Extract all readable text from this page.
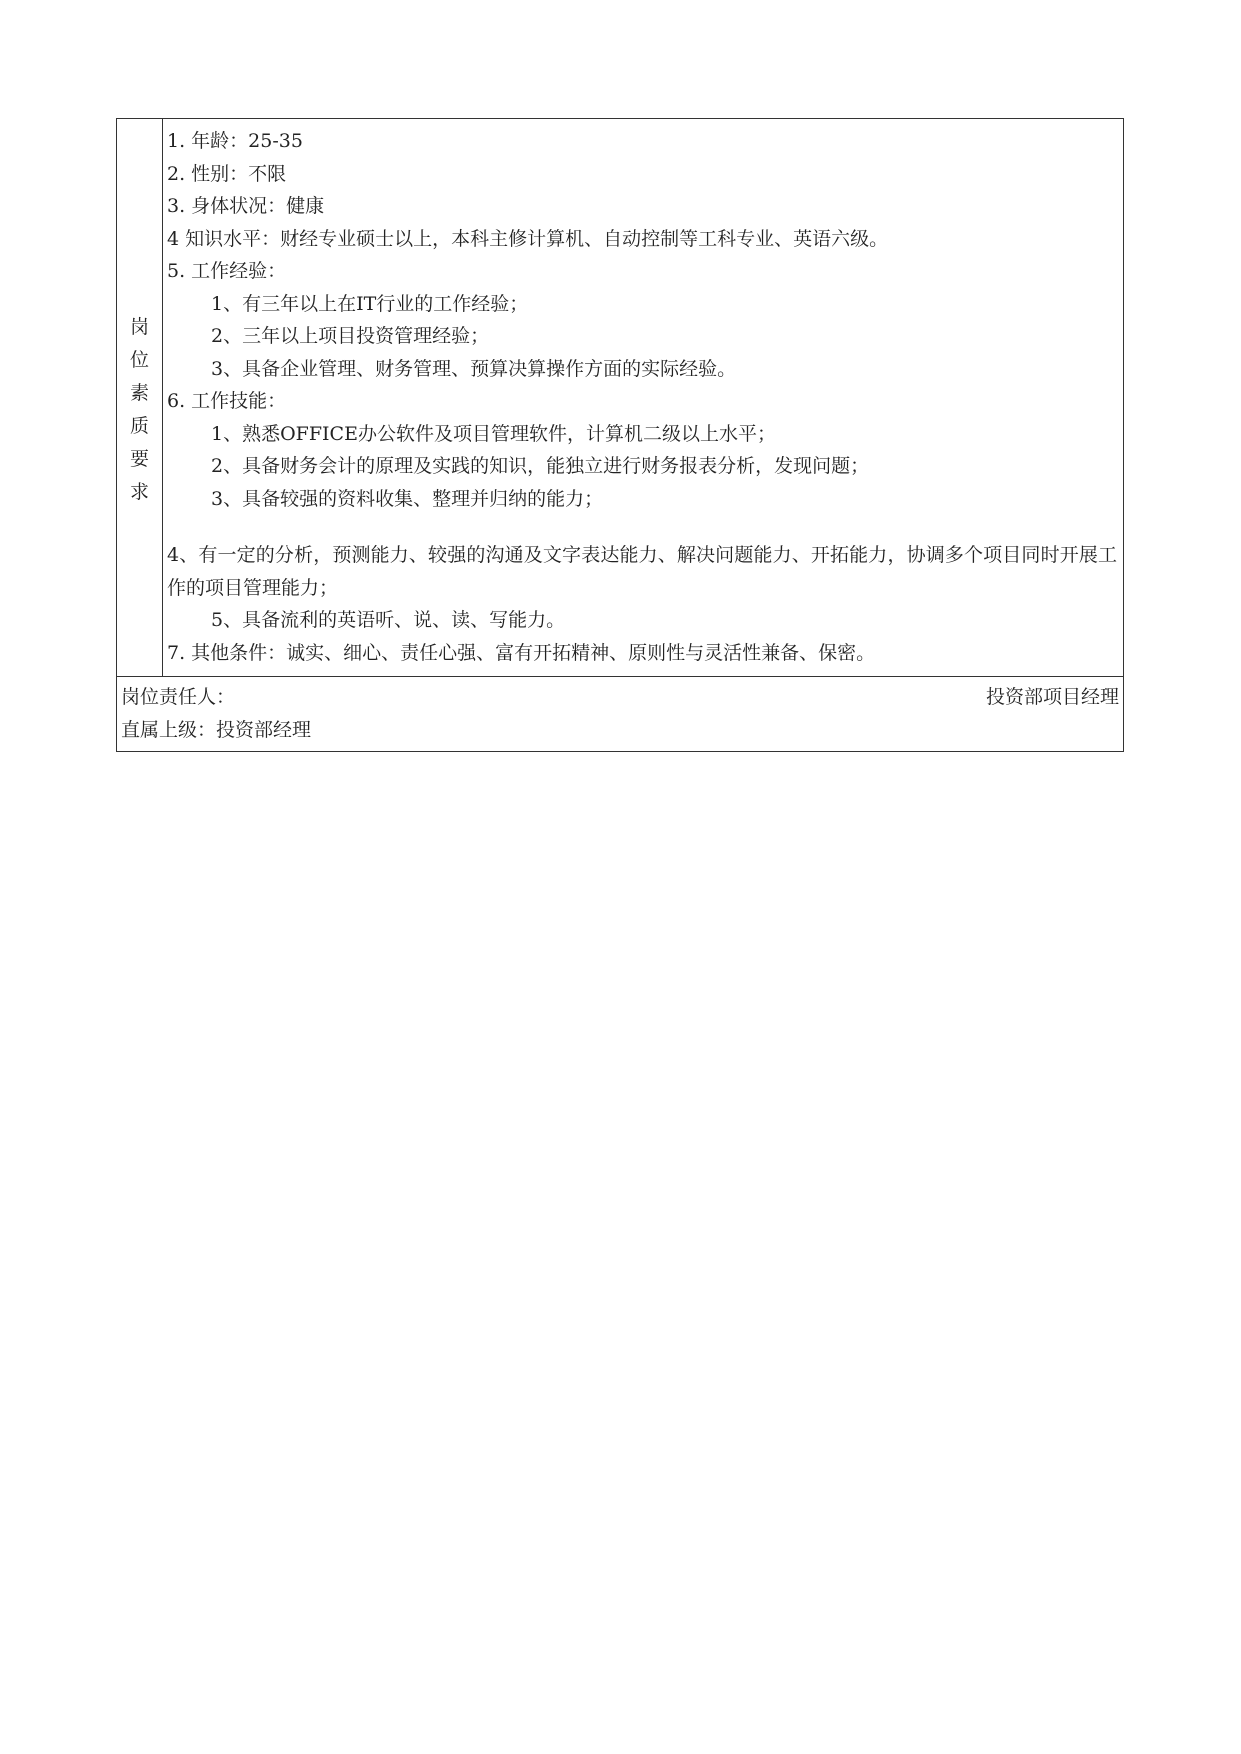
岗位素质要求
1. 年龄：25-35
2. 性别：不限
3. 身体状况：健康
4 知识水平：财经专业硕士以上，本科主修计算机、自动控制等工科专业、英语六级。
5. 工作经验：
1、有三年以上在IT行业的工作经验；
2、三年以上项目投资管理经验；
3、具备企业管理、财务管理、预算决算操作方面的实际经验。
6. 工作技能：
1、熟悉OFFICE办公软件及项目管理软件，计算机二级以上水平；
2、具备财务会计的原理及实践的知识，能独立进行财务报表分析，发现问题；
3、具备较强的资料收集、整理并归纳的能力；
4、有一定的分析，预测能力、较强的沟通及文字表达能力、解决问题能力、开拓能力，协调多个项目同时开展工作的项目管理能力；
5、具备流利的英语听、说、读、写能力。
7. 其他条件：诚实、细心、责任心强、富有开拓精神、原则性与灵活性兼备、保密。
岗位责任人：	投资部项目经理
直属上级：投资部经理
